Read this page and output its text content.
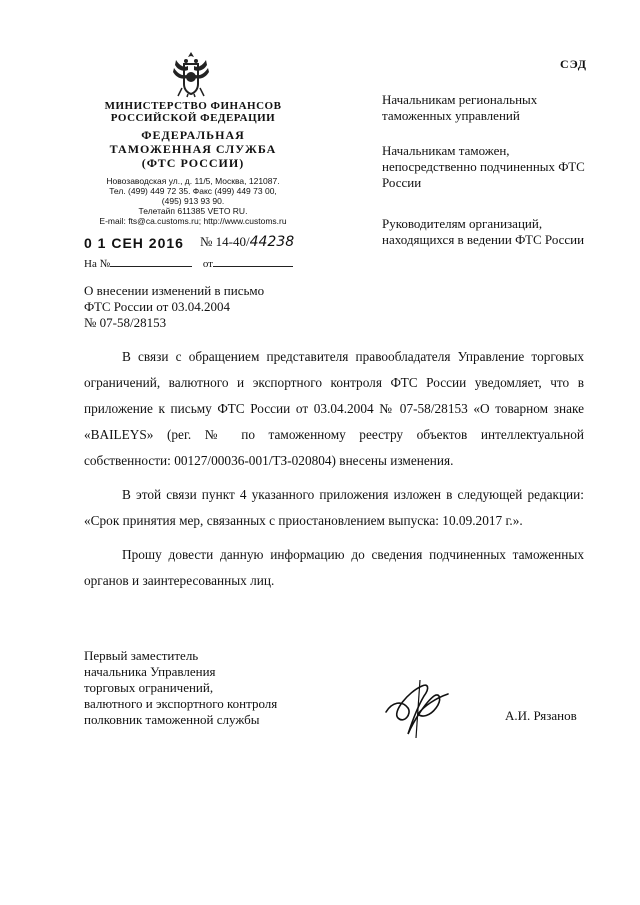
СЭД
МИНИСТЕРСТВО ФИНАНСОВ
РОССИЙСКОЙ ФЕДЕРАЦИИ
ФЕДЕРАЛЬНАЯ
ТАМОЖЕННАЯ СЛУЖБА
(ФТС РОССИИ)
Новозаводская ул., д. 11/5, Москва, 121087.
Тел. (499) 449 72 35. Факс (499) 449 73 00,
(495) 913 93 90.
Телетайп 611385 VETO RU.
E-mail: fts@ca.customs.ru; http://www.customs.ru
0 1 СЕН 2016	№ 14-40/44238
На №	от
Начальникам региональных таможенных управлений
Начальникам таможен, непосредственно подчиненных ФТС России
Руководителям организаций, находящихся в ведении ФТС России
О внесении изменений в письмо
ФТС России от 03.04.2004
№ 07-58/28153

В связи с обращением представителя правообладателя Управление торговых ограничений, валютного и экспортного контроля ФТС России уведомляет, что в приложение к письму ФТС России от 03.04.2004 № 07-58/28153 «О товарном знаке «BAILEYS» (рег. № по таможенному реестру объектов интеллектуальной собственности: 00127/00036-001/ТЗ-020804) внесены изменения.

В этой связи пункт 4 указанного приложения изложен в следующей редакции: «Срок принятия мер, связанных с приостановлением выпуска: 10.09.2017 г.».

Прошу довести данную информацию до сведения подчиненных таможенных органов и заинтересованных лиц.

Первый заместитель
начальника Управления
торговых ограничений,
валютного и экспортного контроля
полковник таможенной службы	А.И. Рязанов
